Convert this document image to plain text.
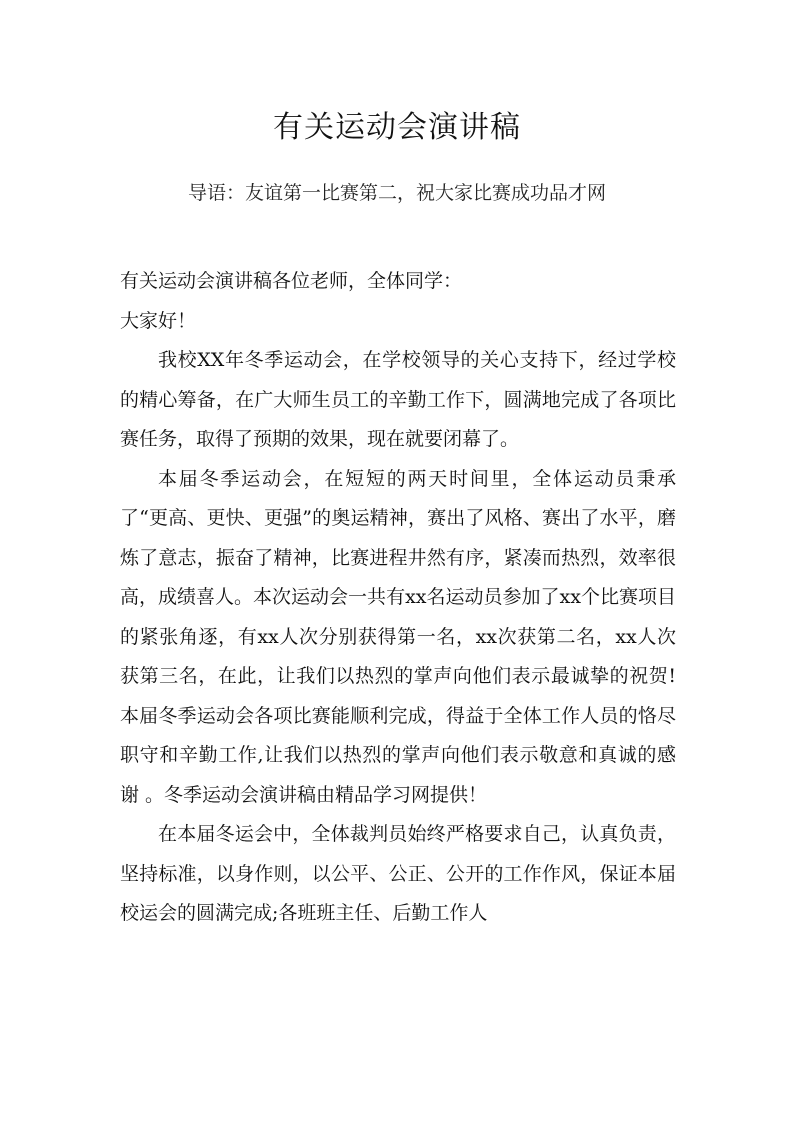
有关运动会演讲稿

导语：友谊第一比赛第二，祝大家比赛成功品才网

有关运动会演讲稿各位老师，全体同学：

大家好！

我校XX年冬季运动会，在学校领导的关心支持下，经过学校的精心筹备，在广大师生员工的辛勤工作下，圆满地完成了各项比赛任务，取得了预期的效果，现在就要闭幕了。

本届冬季运动会，在短短的两天时间里，全体运动员秉承了“更高、更快、更强”的奥运精神，赛出了风格、赛出了水平，磨炼了意志，振奋了精神，比赛进程井然有序，紧凑而热烈，效率很高，成绩喜人。本次运动会一共有xx名运动员参加了xx个比赛项目的紧张角逐，有xx人次分别获得第一名，xx次获第二名，xx人次获第三名，在此，让我们以热烈的掌声向他们表示最诚挚的祝贺!本届冬季运动会各项比赛能顺利完成，得益于全体工作人员的恪尽职守和辛勤工作,让我们以热烈的掌声向他们表示敬意和真诚的感谢 。冬季运动会演讲稿由精品学习网提供！

在本届冬运会中，全体裁判员始终严格要求自己，认真负责，坚持标准，以身作则，以公平、公正、公开的工作作风，保证本届校运会的圆满完成;各班班主任、后勤工作人
